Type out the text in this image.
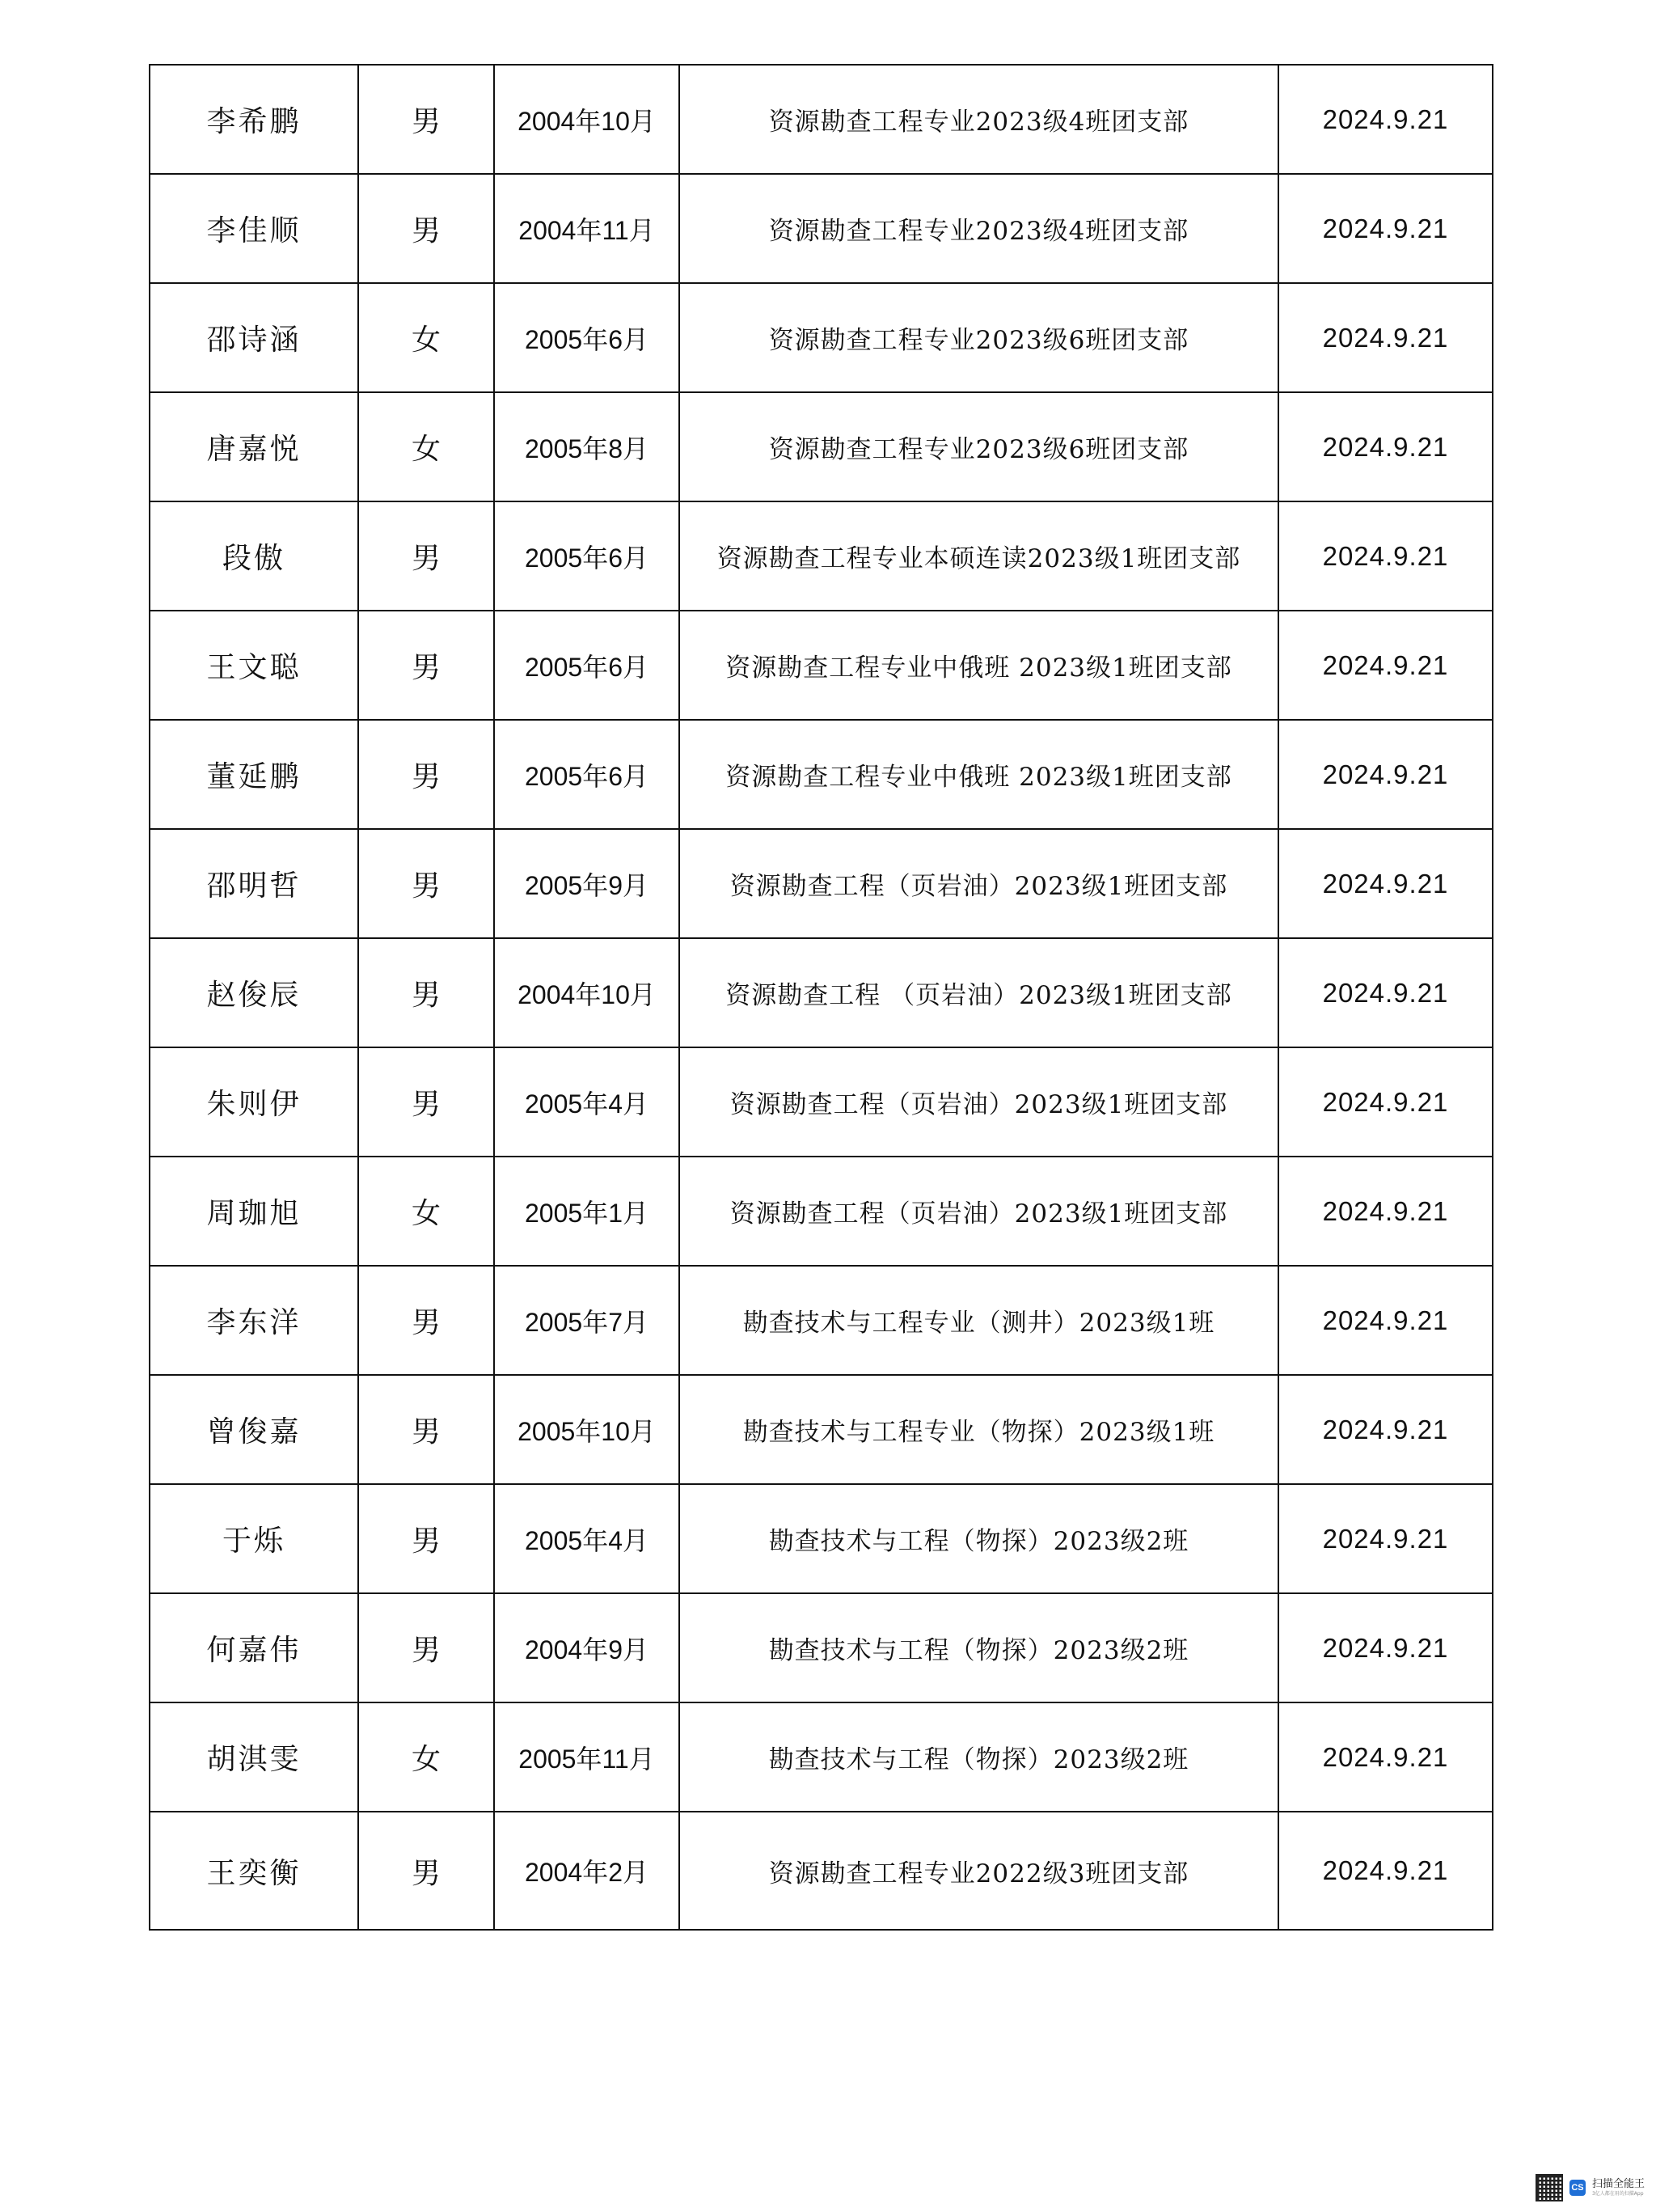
李希鹏	男	2004年10月	资源勘查工程专业2023级4班团支部	2024.9.21
李佳顺	男	2004年11月	资源勘查工程专业2023级4班团支部	2024.9.21
邵诗涵	女	2005年6月	资源勘查工程专业2023级6班团支部	2024.9.21
唐嘉悦	女	2005年8月	资源勘查工程专业2023级6班团支部	2024.9.21
段傲	男	2005年6月	资源勘查工程专业本硕连读2023级1班团支部	2024.9.21
王文聪	男	2005年6月	资源勘查工程专业中俄班 2023级1班团支部	2024.9.21
董延鹏	男	2005年6月	资源勘查工程专业中俄班 2023级1班团支部	2024.9.21
邵明哲	男	2005年9月	资源勘查工程（页岩油）2023级1班团支部	2024.9.21
赵俊辰	男	2004年10月	资源勘查工程 （页岩油）2023级1班团支部	2024.9.21
朱则伊	男	2005年4月	资源勘查工程（页岩油）2023级1班团支部	2024.9.21
周珈旭	女	2005年1月	资源勘查工程（页岩油）2023级1班团支部	2024.9.21
李东洋	男	2005年7月	勘查技术与工程专业（测井）2023级1班	2024.9.21
曾俊嘉	男	2005年10月	勘查技术与工程专业（物探）2023级1班	2024.9.21
于烁	男	2005年4月	勘查技术与工程（物探）2023级2班	2024.9.21
何嘉伟	男	2004年9月	勘查技术与工程（物探）2023级2班	2024.9.21
胡淇雯	女	2005年11月	勘查技术与工程（物探）2023级2班	2024.9.21
王奕衡	男	2004年2月	资源勘查工程专业2022级3班团支部	2024.9.21
CS 扫描全能王
3亿人都在用的扫描App
